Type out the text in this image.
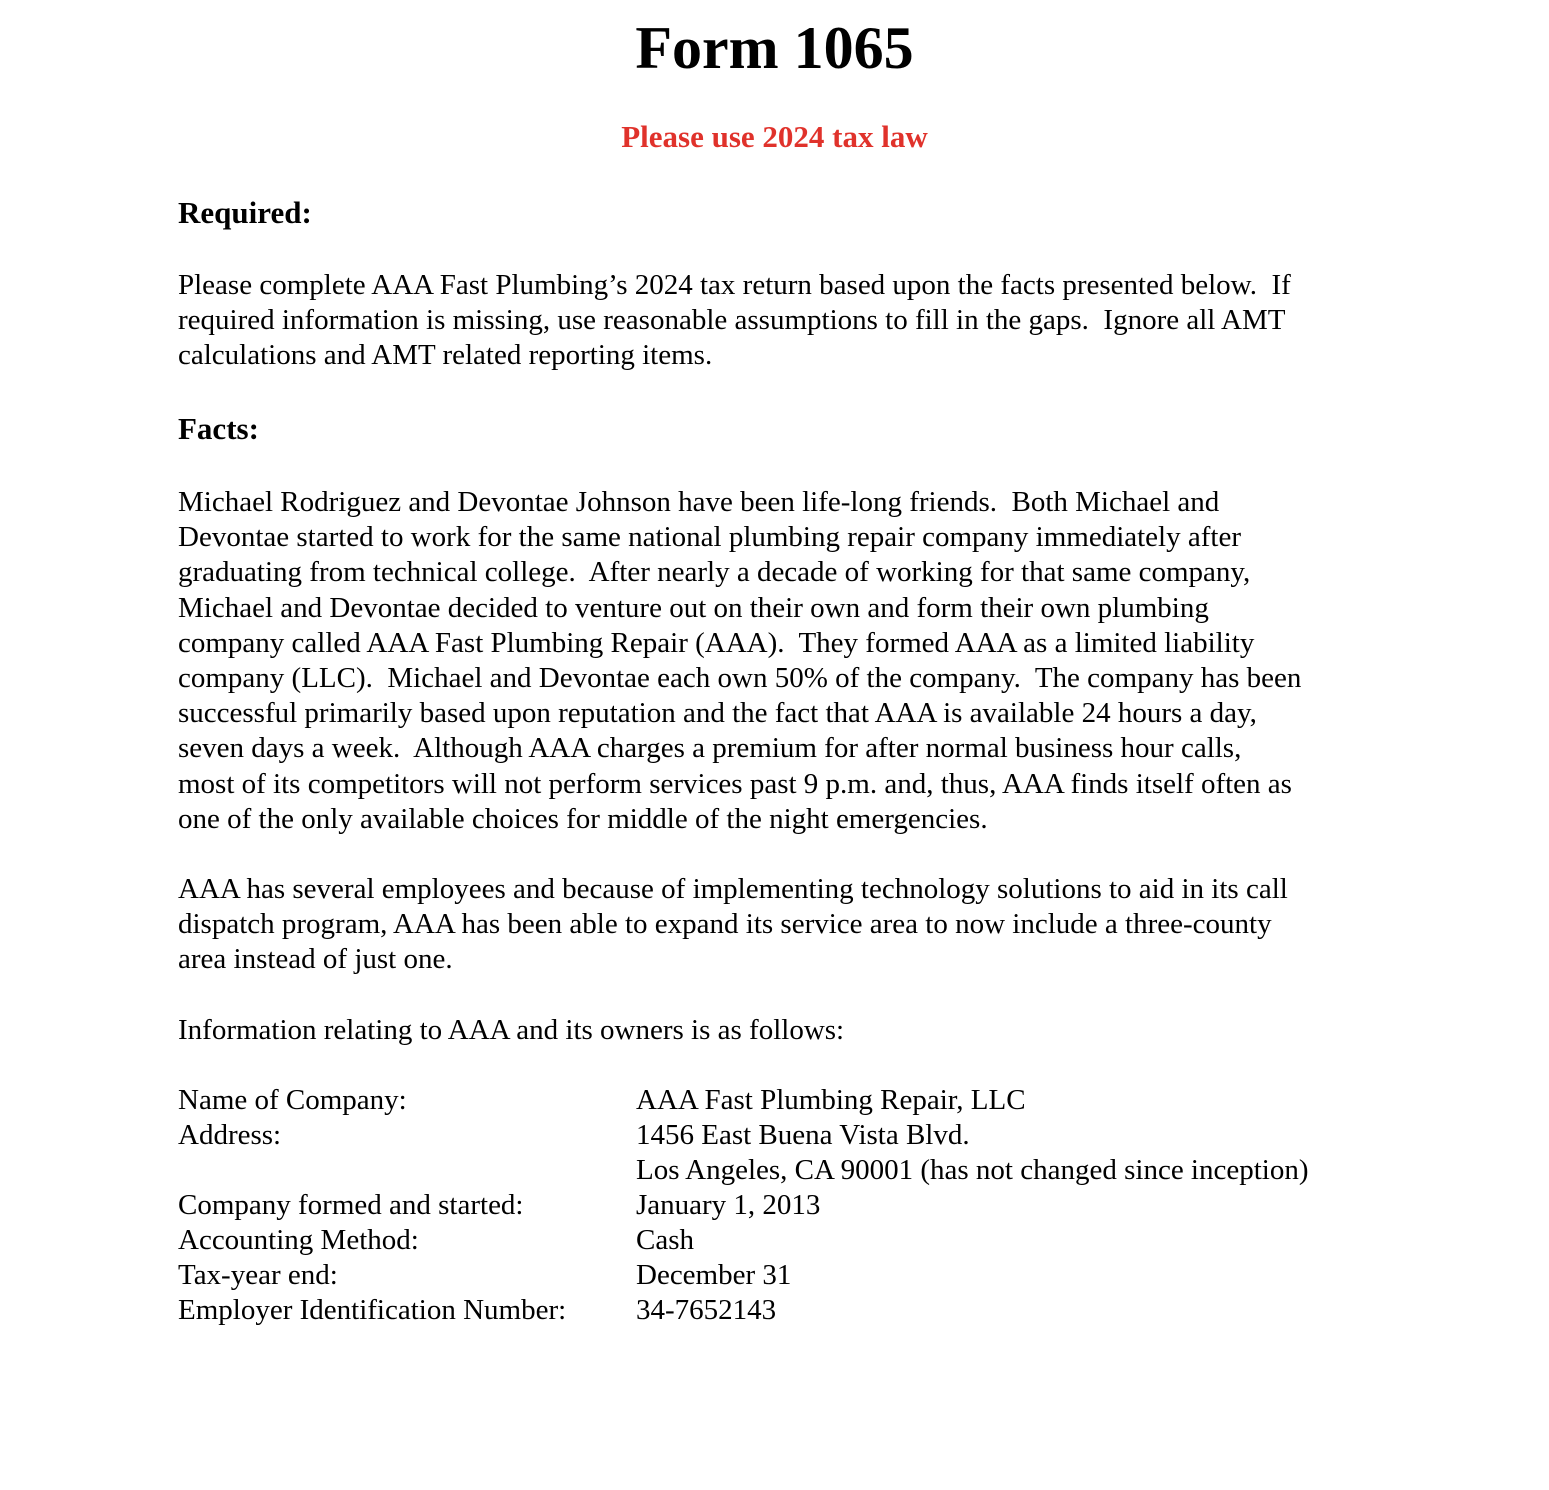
Form 1065
Please use 2024 tax law
Required:
Please complete AAA Fast Plumbing’s 2024 tax return based upon the facts presented below.  If
required information is missing, use reasonable assumptions to fill in the gaps.  Ignore all AMT
calculations and AMT related reporting items.
Facts:
Michael Rodriguez and Devontae Johnson have been life-long friends.  Both Michael and
Devontae started to work for the same national plumbing repair company immediately after
graduating from technical college.  After nearly a decade of working for that same company,
Michael and Devontae decided to venture out on their own and form their own plumbing
company called AAA Fast Plumbing Repair (AAA).  They formed AAA as a limited liability
company (LLC).  Michael and Devontae each own 50% of the company.  The company has been
successful primarily based upon reputation and the fact that AAA is available 24 hours a day,
seven days a week.  Although AAA charges a premium for after normal business hour calls,
most of its competitors will not perform services past 9 p.m. and, thus, AAA finds itself often as
one of the only available choices for middle of the night emergencies.
AAA has several employees and because of implementing technology solutions to aid in its call
dispatch program, AAA has been able to expand its service area to now include a three-county
area instead of just one.
Information relating to AAA and its owners is as follows:

Name of Company:

	AAA Fast Plumbing Repair, LLC

Address:

	1456 East Buena Vista Blvd.

Los Angeles, CA 90001 (has not changed since inception)

Company formed and started:

	January 1, 2013

Accounting Method:

	Cash

Tax-year end:

	December 31

Employer Identification Number:

34-7652143
